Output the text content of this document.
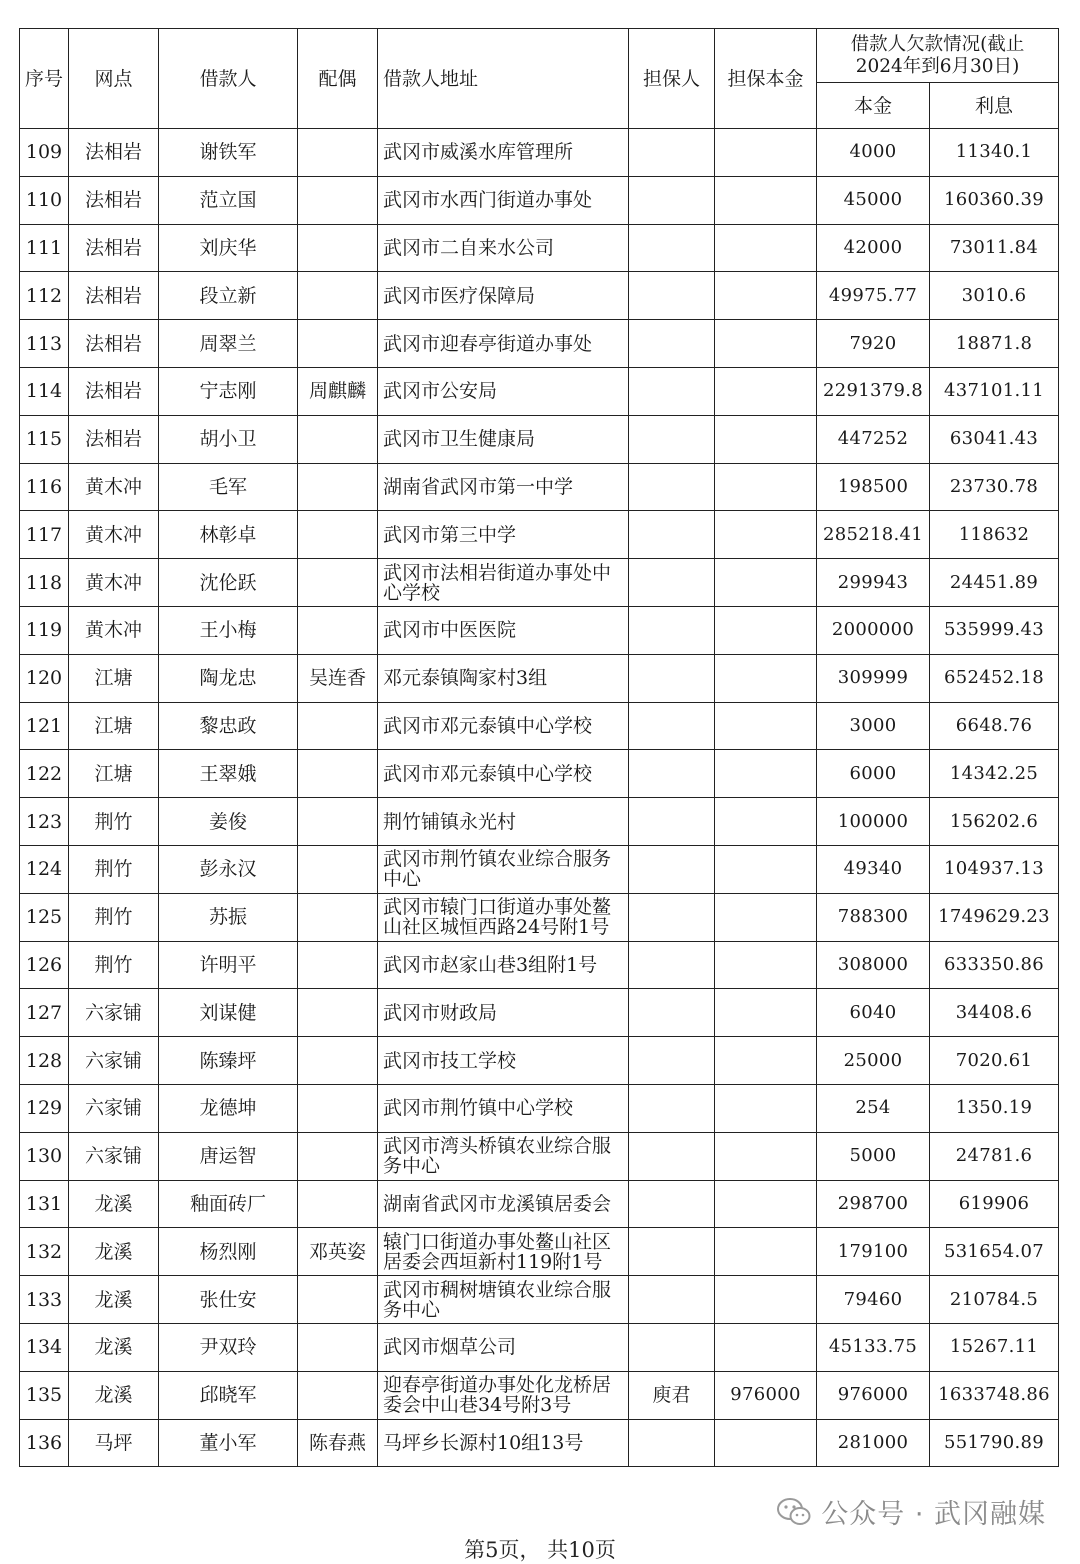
序号	网点	借款人	配偶	借款人地址	担保人	担保本金	借款人欠款情况(截止
2024年到6月30日)	
							本金	利息
109	法相岩	谢铁军		武冈市威溪水库管理所			4000	11340.1
110	法相岩	范立国		武冈市水西门街道办事处			45000	160360.39
111	法相岩	刘庆华		武冈市二自来水公司			42000	73011.84
112	法相岩	段立新		武冈市医疗保障局			49975.77	3010.6
113	法相岩	周翠兰		武冈市迎春亭街道办事处			7920	18871.8
114	法相岩	宁志刚	周麒麟	武冈市公安局			2291379.8	437101.11
115	法相岩	胡小卫		武冈市卫生健康局			447252	63041.43
116	黄木冲	毛军		湖南省武冈市第一中学			198500	23730.78
117	黄木冲	林彰卓		武冈市第三中学			285218.41	118632
118	黄木冲	沈伦跃		武冈市法相岩街道办事处中心学校			299943	24451.89
119	黄木冲	王小梅		武冈市中医医院			2000000	535999.43
120	江塘	陶龙忠	吴连香	邓元泰镇陶家村3组			309999	652452.18
121	江塘	黎忠政		武冈市邓元泰镇中心学校			3000	6648.76
122	江塘	王翠娥		武冈市邓元泰镇中心学校			6000	14342.25
123	荆竹	姜俊		荆竹铺镇永光村			100000	156202.6
124	荆竹	彭永汉		武冈市荆竹镇农业综合服务中心			49340	104937.13
125	荆竹	苏振		武冈市辕门口街道办事处鳌山社区城恒西路24号附1号			788300	1749629.23
126	荆竹	许明平		武冈市赵家山巷3组附1号			308000	633350.86
127	六家铺	刘谋健		武冈市财政局			6040	34408.6
128	六家铺	陈臻坪		武冈市技工学校			25000	7020.61
129	六家铺	龙德坤		武冈市荆竹镇中心学校			254	1350.19
130	六家铺	唐运智		武冈市湾头桥镇农业综合服务中心			5000	24781.6
131	龙溪	釉面砖厂		湖南省武冈市龙溪镇居委会			298700	619906
132	龙溪	杨烈刚	邓英姿	辕门口街道办事处鳌山社区居委会西垣新村119附1号			179100	531654.07
133	龙溪	张仕安		武冈市稠树塘镇农业综合服务中心			79460	210784.5
134	龙溪	尹双玲		武冈市烟草公司			45133.75	15267.11
135	龙溪	邱晓军		迎春亭街道办事处化龙桥居委会中山巷34号附3号	庾君	976000	976000	1633748.86
136	马坪	董小军	陈春燕	马坪乡长源村10组13号			281000	551790.89
第5页， 共10页
公众号 · 武冈融媒
